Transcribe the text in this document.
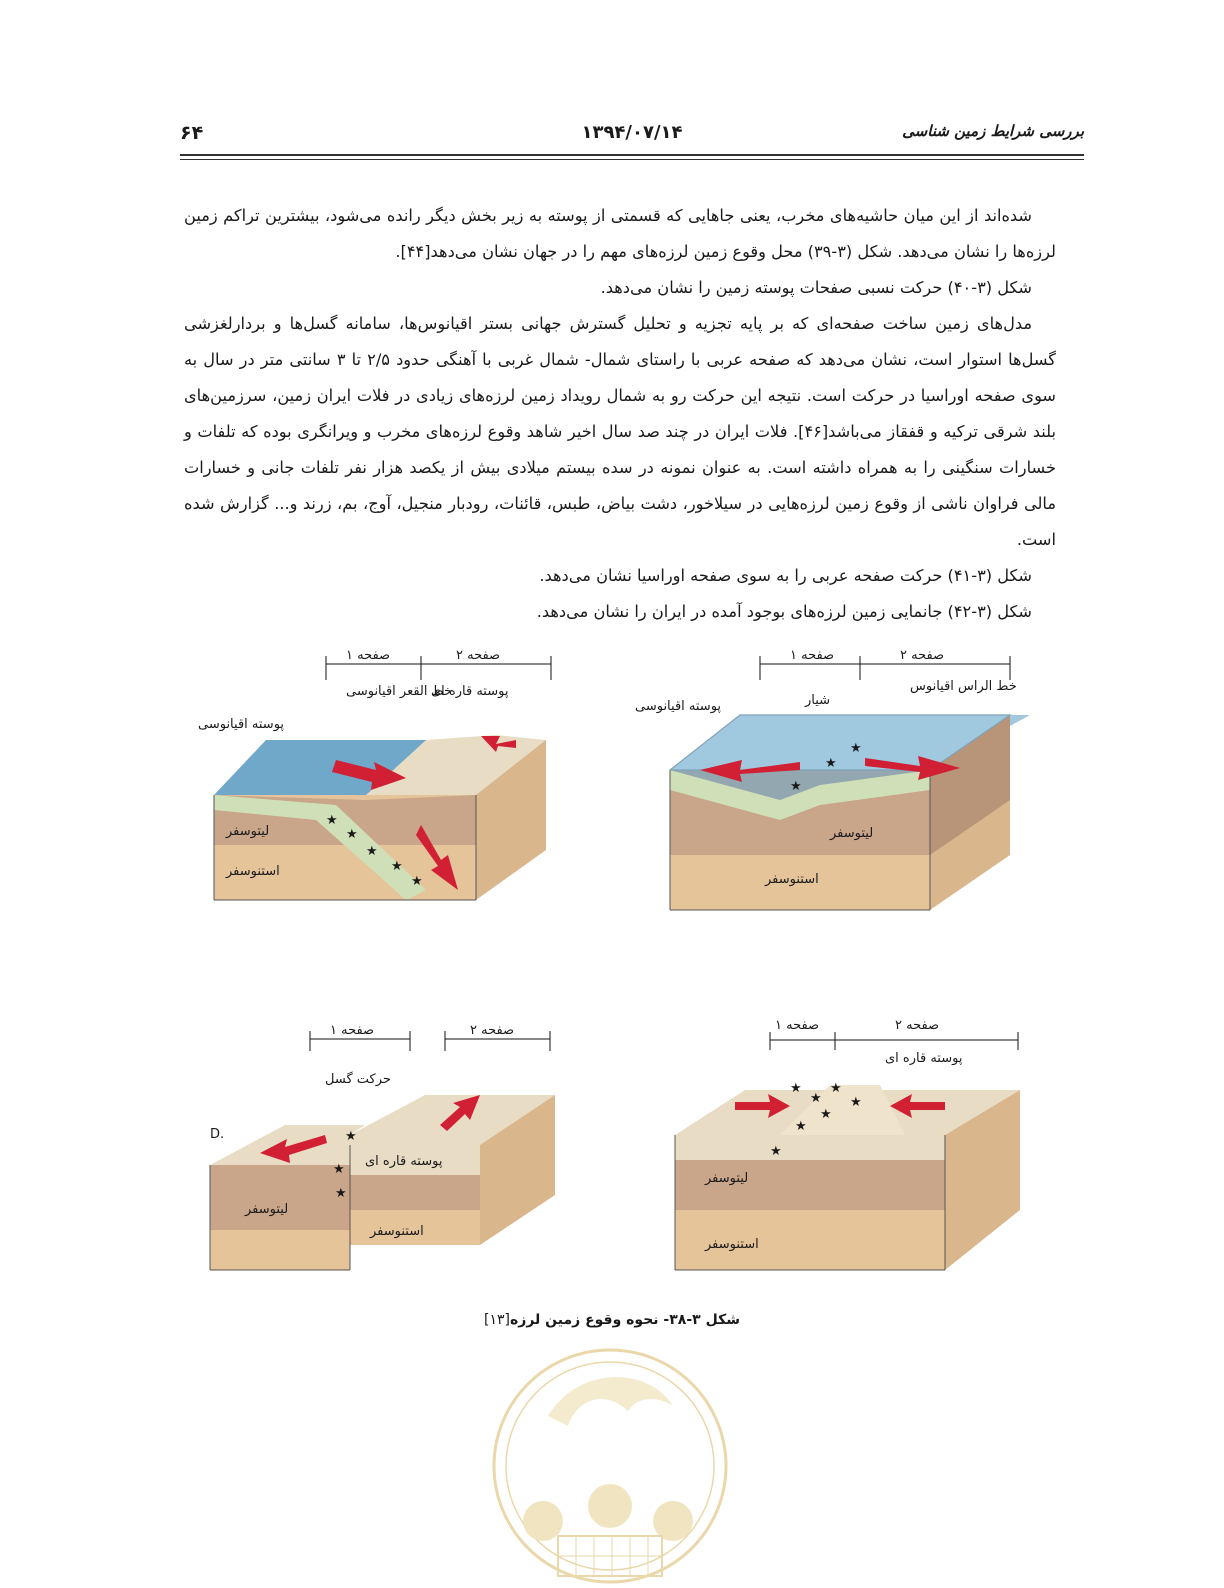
بررسی شرایط زمین شناسی
۱۳۹۴/۰۷/۱۴
۶۴

شده‌اند از این میان حاشیه‌های مخرب، یعنی جاهایی که قسمتی از پوسته به زیر بخش دیگر رانده می‌شود، بیشترین تراکم زمین لرزه‌ها را نشان می‌دهد. شکل (۳-۳۹) محل وقوع زمین لرزه‌های مهم را در جهان نشان می‌دهد[۴۴].

شکل (۳-۴۰) حرکت نسبی صفحات پوسته زمین را نشان می‌دهد.

مدل‌های زمین ساخت صفحه‌ای که بر پایه تجزیه و تحلیل گسترش جهانی بستر اقیانوس‌ها، سامانه گسل‌ها و بردارلغزشی گسل‌ها استوار است، نشان می‌دهد که صفحه عربی با راستای شمال- شمال غربی با آهنگی حدود ۲/۵ تا ۳ سانتی متر در سال به سوی صفحه اوراسیا در حرکت است. نتیجه این حرکت رو به شمال رویداد زمین لرزه‌های زیادی در فلات ایران زمین، سرزمین‌های بلند شرقی ترکیه و قفقاز می‌باشد[۴۶]. فلات ایران در چند صد سال اخیر شاهد وقوع لرزه‌های مخرب و ویرانگری بوده که تلفات و خسارات سنگینی را به همراه داشته است. به عنوان نمونه در سده بیستم میلادی بیش از یکصد هزار نفر تلفات جانی و خسارات مالی فراوان ناشی از وقوع زمین لرزه‌هایی در سیلاخور، دشت بیاض، طبس، قائنات، رودبار منجیل، آوج، بم، زرند و... گزارش شده است.

شکل (۳-۴۱) حرکت صفحه عربی را به سوی صفحه اوراسیا نشان می‌دهد.

شکل (۳-۴۲) جانمایی زمین لرزه‌های بوجود آمده در ایران را نشان می‌دهد.

★
★
★
صفحه ۱	صفحه ۲
خط الراس اقیانوس
شیار
پوسته اقیانوسی
لیتوسفر
استنوسفر
★
★
★
★
★
صفحه ۱	صفحه ۲
خط القعر اقیانوسی
پوسته قاره ای
پوسته اقیانوسی
لیتوسفر
استنوسفر
★
★
★
صفحه ۱	صفحه ۲
حرکت گسل
پوسته قاره ای
لیتوسفر
استنوسفر
D.
★
★
★
★
★
★
★
صفحه ۱	صفحه ۲
پوسته قاره ای
لیتوسفر
استنوسفر
شکل ۳-۳۸- نحوه وقوع زمین لرزه[۱۳]
